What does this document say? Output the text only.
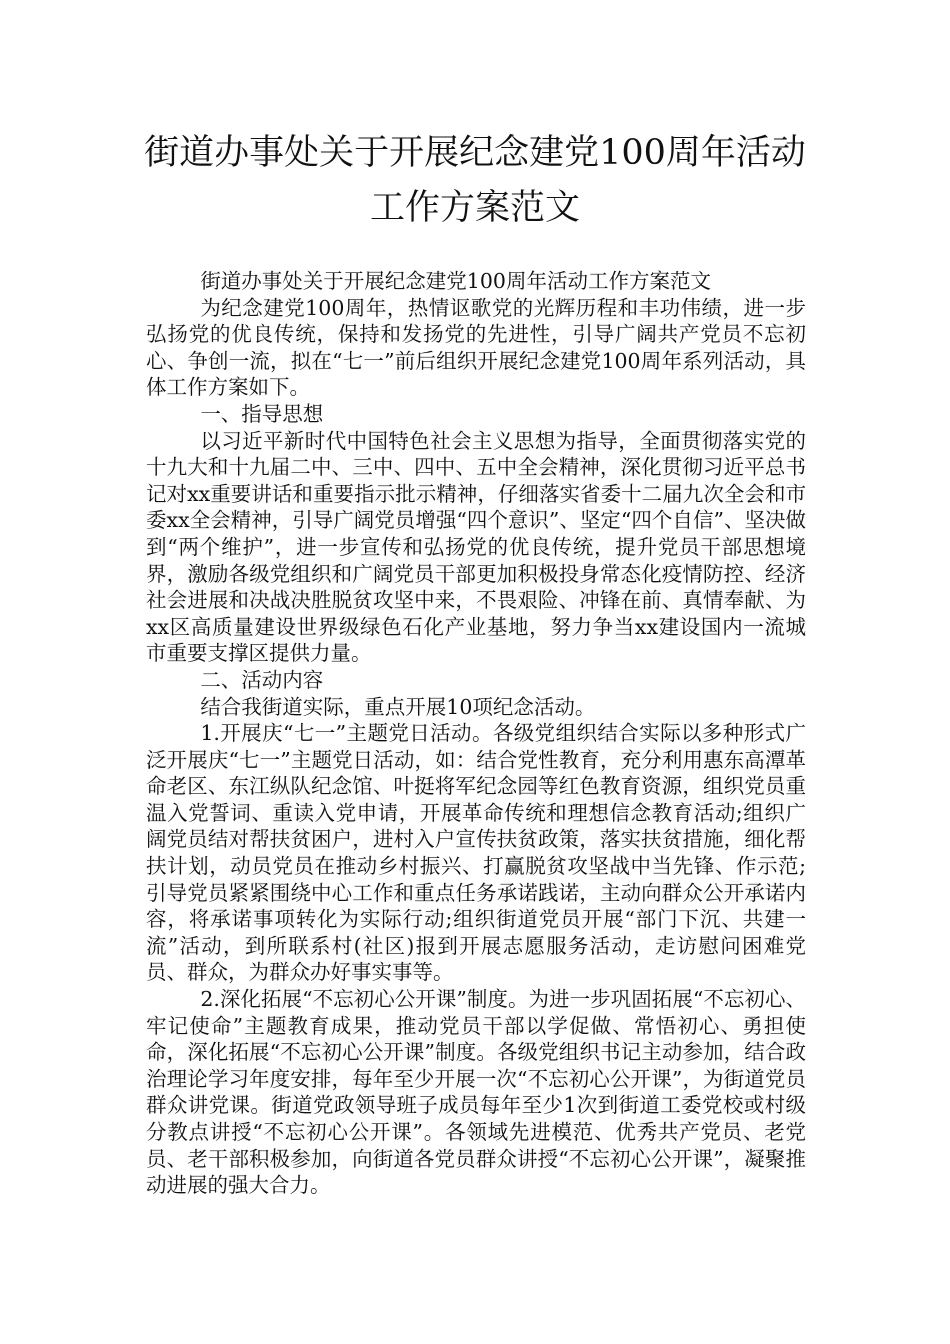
街道办事处关于开展纪念建党100周年活动工作方案范文

街道办事处关于开展纪念建党100周年活动工作方案范文

为纪念建党100周年，热情讴歌党的光辉历程和丰功伟绩，进一步弘扬党的优良传统，保持和发扬党的先进性，引导广阔共产党员不忘初心、争创一流，拟在“七一”前后组织开展纪念建党100周年系列活动，具体工作方案如下。

一、指导思想

以习近平新时代中国特色社会主义思想为指导，全面贯彻落实党的十九大和十九届二中、三中、四中、五中全会精神，深化贯彻习近平总书记对xx重要讲话和重要指示批示精神，仔细落实省委十二届九次全会和市委xx全会精神，引导广阔党员增强“四个意识”、坚定“四个自信”、坚决做到“两个维护”，进一步宣传和弘扬党的优良传统，提升党员干部思想境界，激励各级党组织和广阔党员干部更加积极投身常态化疫情防控、经济社会进展和决战决胜脱贫攻坚中来，不畏艰险、冲锋在前、真情奉献、为xx区高质量建设世界级绿色石化产业基地，努力争当xx建设国内一流城市重要支撑区提供力量。

二、活动内容

结合我街道实际，重点开展10项纪念活动。

1.开展庆“七一”主题党日活动。各级党组织结合实际以多种形式广泛开展庆“七一”主题党日活动，如：结合党性教育，充分利用惠东高潭革命老区、东江纵队纪念馆、叶挺将军纪念园等红色教育资源，组织党员重温入党誓词、重读入党申请，开展革命传统和理想信念教育活动;组织广阔党员结对帮扶贫困户，进村入户宣传扶贫政策，落实扶贫措施，细化帮扶计划，动员党员在推动乡村振兴、打赢脱贫攻坚战中当先锋、作示范;引导党员紧紧围绕中心工作和重点任务承诺践诺，主动向群众公开承诺内容，将承诺事项转化为实际行动;组织街道党员开展“部门下沉、共建一流”活动，到所联系村(社区)报到开展志愿服务活动，走访慰问困难党员、群众，为群众办好事实事等。

2.深化拓展“不忘初心公开课”制度。为进一步巩固拓展“不忘初心、牢记使命”主题教育成果，推动党员干部以学促做、常悟初心、勇担使命，深化拓展“不忘初心公开课”制度。各级党组织书记主动参加，结合政治理论学习年度安排，每年至少开展一次“不忘初心公开课”，为街道党员群众讲党课。街道党政领导班子成员每年至少1次到街道工委党校或村级分教点讲授“不忘初心公开课”。各领域先进模范、优秀共产党员、老党员、老干部积极参加，向街道各党员群众讲授“不忘初心公开课”，凝聚推动进展的强大合力。
